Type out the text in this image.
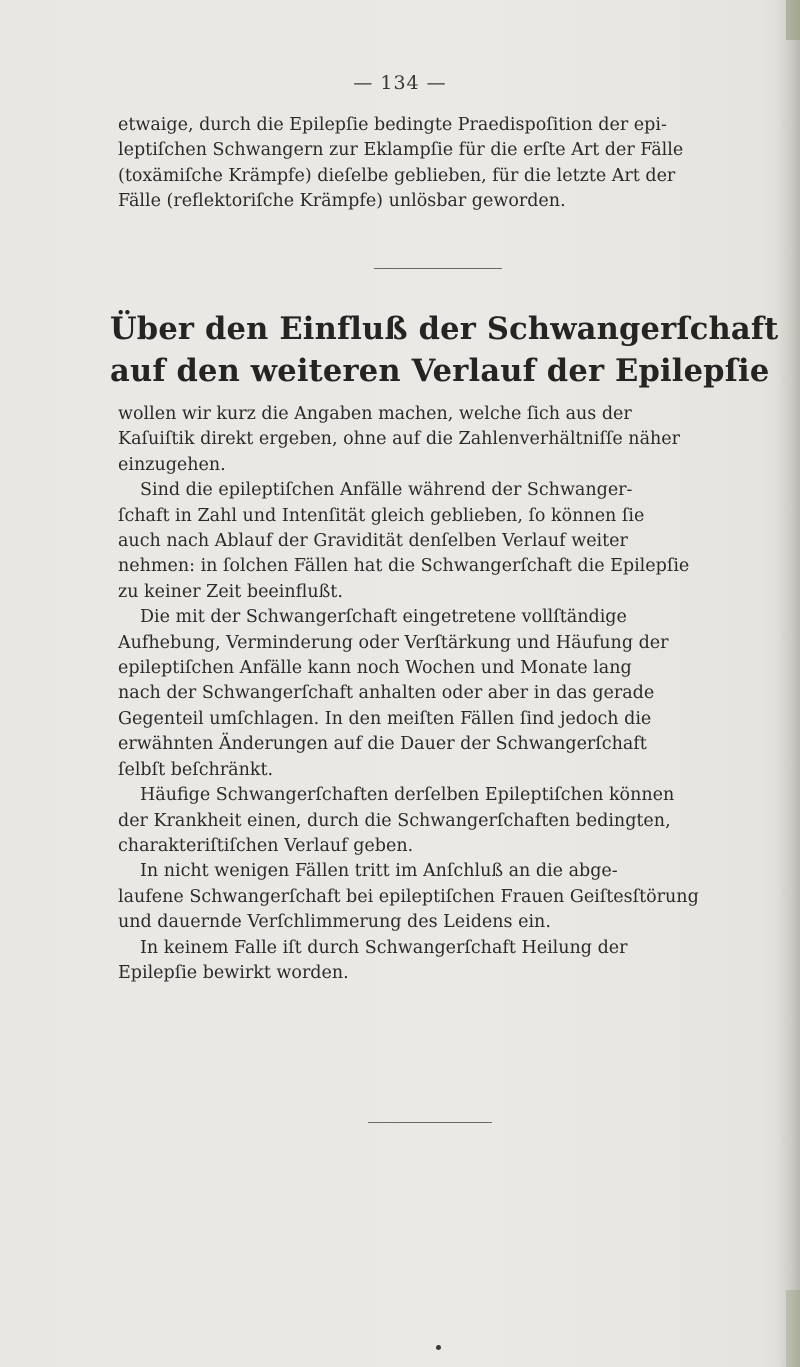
— 134 —
etwaige, durch die Epilepſie bedingte Praedispoſition der epi-
leptiſchen Schwangern zur Eklampſie für die erſte Art der Fälle
(toxämiſche Krämpfe) dieſelbe geblieben, für die letzte Art der
Fälle (reflektoriſche Krämpfe) unlösbar geworden.
Über den Einfluß der Schwangerſchaft
auf den weiteren Verlauf der Epilepſie
wollen wir kurz die Angaben machen, welche ſich aus der
Kaſuiſtik direkt ergeben, ohne auf die Zahlenverhältniſſe näher
einzugehen.
Sind die epileptiſchen Anfälle während der Schwanger-
ſchaft in Zahl und Intenſität gleich geblieben, ſo können ſie
auch nach Ablauf der Gravidität denſelben Verlauf weiter
nehmen: in ſolchen Fällen hat die Schwangerſchaft die Epilepſie
zu keiner Zeit beeinflußt.
Die mit der Schwangerſchaft eingetretene vollſtändige
Aufhebung, Verminderung oder Verſtärkung und Häufung der
epileptiſchen Anfälle kann noch Wochen und Monate lang
nach der Schwangerſchaft anhalten oder aber in das gerade
Gegenteil umſchlagen. In den meiſten Fällen ſind jedoch die
erwähnten Änderungen auf die Dauer der Schwangerſchaft
ſelbſt beſchränkt.
Häufige Schwangerſchaften derſelben Epileptiſchen können
der Krankheit einen, durch die Schwangerſchaften bedingten,
charakteriſtiſchen Verlauf geben.
In nicht wenigen Fällen tritt im Anſchluß an die abge-
laufene Schwangerſchaft bei epileptiſchen Frauen Geiſtesſtörung
und dauernde Verſchlimmerung des Leidens ein.
In keinem Falle iſt durch Schwangerſchaft Heilung der
Epilepſie bewirkt worden.
